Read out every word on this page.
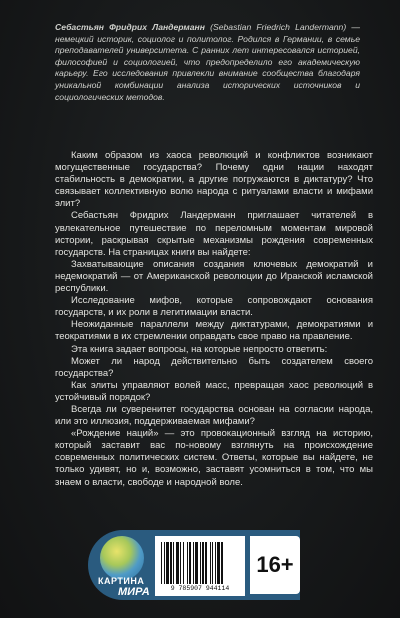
Себастьян Фридрих Ландерманн (Sebastian Friedrich Landermann) — немецкий историк, социолог и политолог. Родился в Германии, в семье преподавателей университета. С ранних лет интересовался историей, философией и социологией, что предопределило его академическую карьеру. Его исследования привлекли внимание сообщества благодаря уникальной комбинации анализа исторических источников и социологических методов.

Каким образом из хаоса революций и конфликтов возникают могущественные государства? Почему одни нации находят стабильность в демократии, а другие погружаются в диктатуру? Что связывает коллективную волю народа с ритуалами власти и мифами элит?

Себастьян Фридрих Ландерманн приглашает читателей в увлекательное путешествие по переломным моментам мировой истории, раскрывая скрытые механизмы рождения современных государств. На страницах книги вы найдете:

Захватывающие описания создания ключевых демократий и недемократий — от Американской революции до Иранской исламской республики.

Исследование мифов, которые сопровождают основания государств, и их роли в легитимации власти.

Неожиданные параллели между диктатурами, демократиями и теократиями в их стремлении оправдать свое право на правление.

Эта книга задает вопросы, на которые непросто ответить:

Может ли народ действительно быть создателем своего государства?

Как элиты управляют волей масс, превращая хаос революций в устойчивый порядок?

Всегда ли суверенитет государства основан на согласии народа, или это иллюзия, поддерживаемая мифами?

«Рождение наций» — это провокационный взгляд на историю, который заставит вас по-новому взглянуть на происхождение современных политических систем. Ответы, которые вы найдете, не только удивят, но и, возможно, заставят усомниться в том, что мы знаем о власти, свободе и народной воле.

КАРТИНА
МИРА	9 785907 944114
16+
